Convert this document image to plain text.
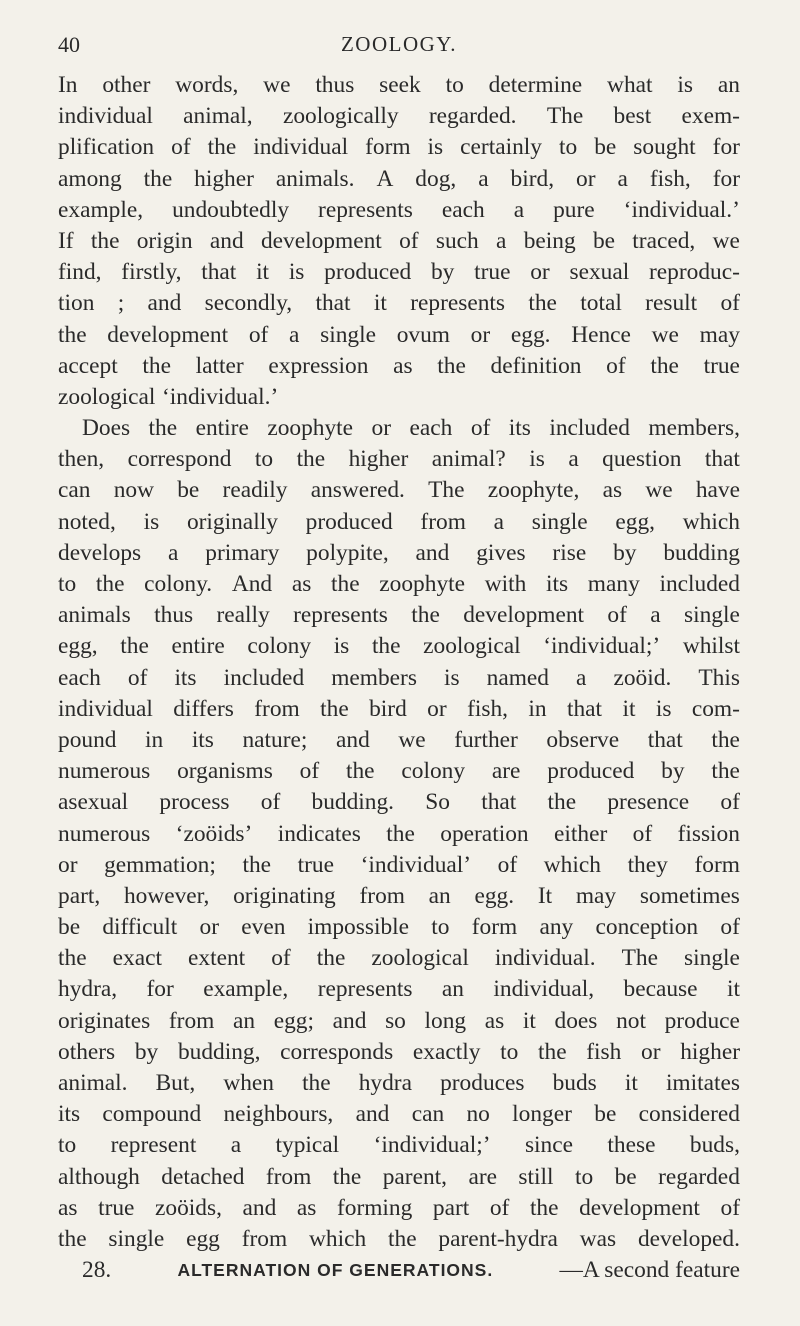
40	ZOOLOGY.
In other words, we thus seek to determine what is an
individual animal, zoologically regarded. The best exem-
plification of the individual form is certainly to be sought for
among the higher animals. A dog, a bird, or a fish, for
example, undoubtedly represents each a pure ‘individual.’
If the origin and development of such a being be traced, we
find, firstly, that it is produced by true or sexual reproduc-
tion ; and secondly, that it represents the total result of
the development of a single ovum or egg. Hence we may
accept the latter expression as the definition of the true
zoological ‘individual.’
Does the entire zoophyte or each of its included members,
then, correspond to the higher animal? is a question that
can now be readily answered. The zoophyte, as we have
noted, is originally produced from a single egg, which
develops a primary polypite, and gives rise by budding
to the colony. And as the zoophyte with its many included
animals thus really represents the development of a single
egg, the entire colony is the zoological ‘individual;’ whilst
each of its included members is named a zoöid. This
individual differs from the bird or fish, in that it is com-
pound in its nature; and we further observe that the
numerous organisms of the colony are produced by the
asexual process of budding. So that the presence of
numerous ‘zoöids’ indicates the operation either of fission
or gemmation; the true ‘individual’ of which they form
part, however, originating from an egg. It may sometimes
be difficult or even impossible to form any conception of
the exact extent of the zoological individual. The single
hydra, for example, represents an individual, because it
originates from an egg; and so long as it does not produce
others by budding, corresponds exactly to the fish or higher
animal. But, when the hydra produces buds it imitates
its compound neighbours, and can no longer be considered
to represent a typical ‘individual;’ since these buds,
although detached from the parent, are still to be regarded
as true zoöids, and as forming part of the development of
the single egg from which the parent-hydra was developed.
28.	ALTERNATION OF GENERATIONS.	—A second feature
